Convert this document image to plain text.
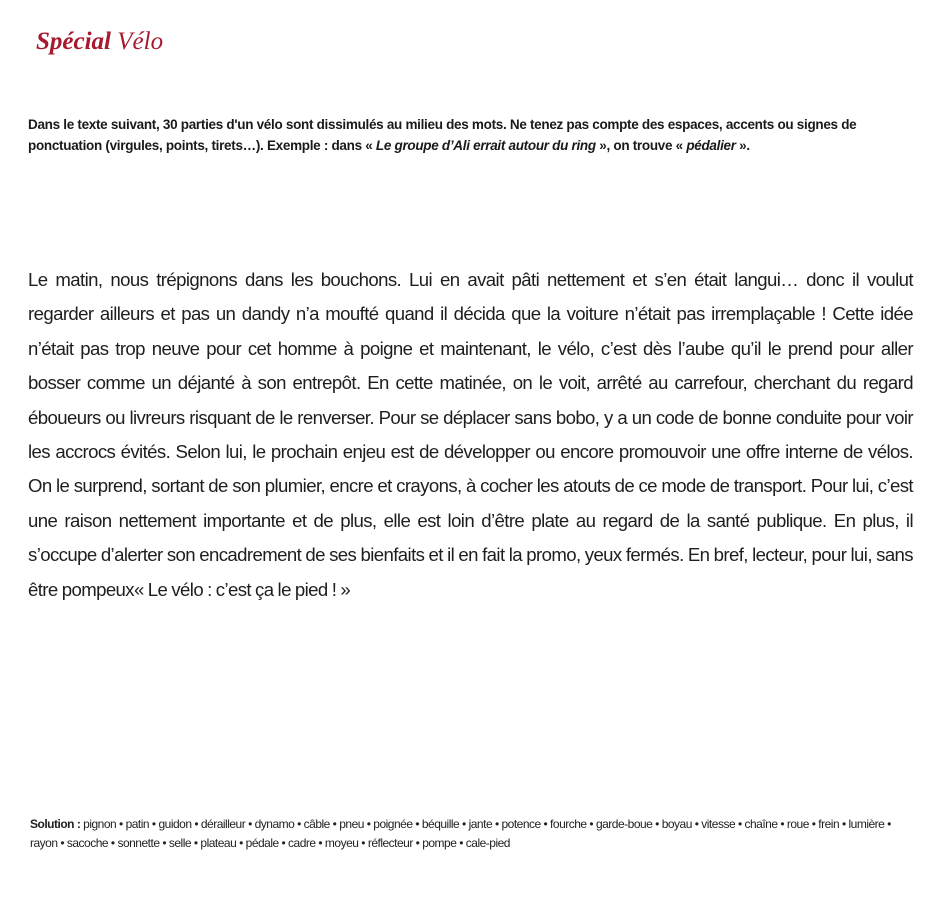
Spécial Vélo
Dans le texte suivant, 30 parties d'un vélo sont dissimulés au milieu des mots. Ne tenez pas compte des espaces, accents ou signes de ponctuation (virgules, points, tirets…). Exemple : dans « Le groupe d’Ali errait autour du ring », on trouve « pédalier ».
Le matin, nous trépignons dans les bouchons. Lui en avait pâti nettement et s’en était langui… donc il voulut regarder ailleurs et pas un dandy n’a moufté quand il décida que la voiture n’était pas irremplaçable ! Cette idée n’était pas trop neuve pour cet homme à poigne et maintenant, le vélo, c’est dès l’aube qu’il le prend pour aller bosser comme un déjanté à son entrepôt. En cette matinée, on le voit, arrêté au carrefour, cherchant du regard éboueurs ou livreurs risquant de le renverser. Pour se déplacer sans bobo, y a un code de bonne conduite pour voir les accrocs évités. Selon lui, le prochain enjeu est de développer ou encore promouvoir une offre interne de vélos. On le surprend, sortant de son plumier, encre et crayons, à cocher les atouts de ce mode de transport. Pour lui, c’est une raison nettement importante et de plus, elle est loin d’être plate au regard de la santé publique. En plus, il s’occupe d’alerter son encadrement de ses bienfaits et il en fait la promo, yeux fermés. En bref, lecteur, pour lui, sans être pompeux« Le vélo : c’est ça le pied ! »
Solution : pignon • patin • guidon • dérailleur • dynamo • câble • pneu • poignée • béquille • jante • potence • fourche • garde-boue • boyau • vitesse • chaîne • roue • frein • lumière • rayon • sacoche • sonnette • selle • plateau • pédale • cadre • moyeu • réflecteur • pompe • cale-pied
